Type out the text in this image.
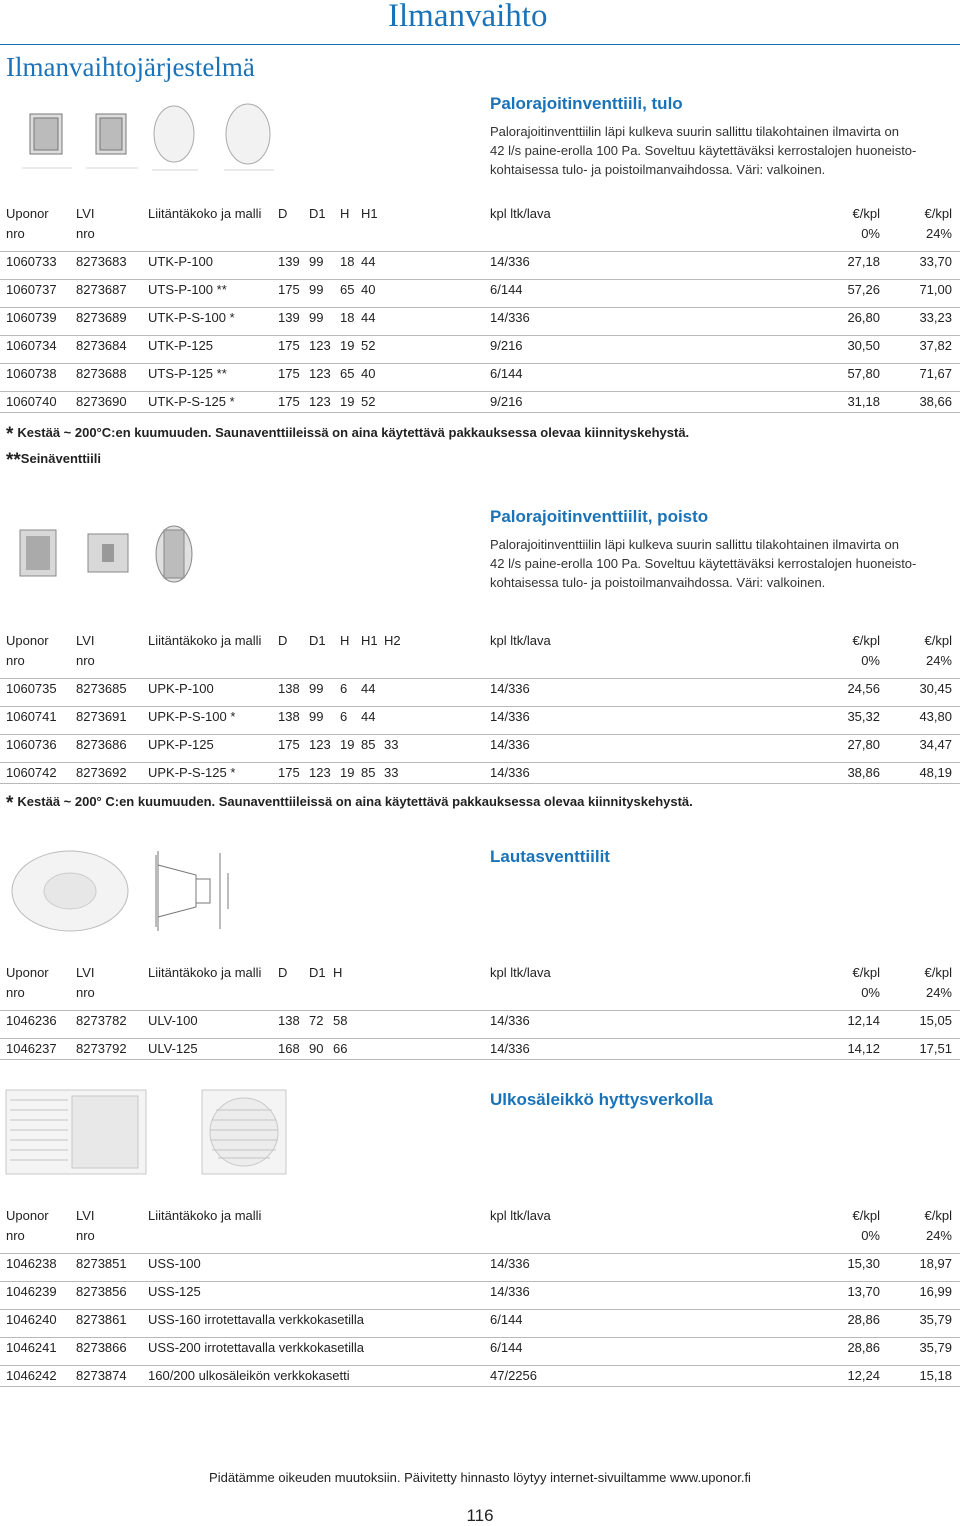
Ilmanvaihto
Ilmanvaihtojärjestelmä
Palorajoitinventtiili, tulo
Palorajoitinventtiilin läpi kulkeva suurin sallittu tilakohtainen ilmavirta on
42 l/s paine-erolla 100 Pa. Soveltuu käytettäväksi kerrostalojen huoneisto-
kohtaisessa tulo- ja poistoilmanvaihdossa. Väri: valkoinen.
Uponor LVI	Liitäntäkoko ja malli D D1 H H1	kpl ltk/lava	€/kpl	€/kpl
nro	nro	0%	24%
1060733 8273683 UTK-P-100	139 99 18 44	14/336	27,18	33,70
1060737 8273687 UTS-P-100 **	175 99 65 40	6/144	57,26	71,00
1060739 8273689 UTK-P-S-100 *	139 99 18 44	14/336	26,80	33,23
1060734 8273684 UTK-P-125	175 123 19 52	9/216	30,50	37,82
1060738 8273688 UTS-P-125 **	175 123 65 40	6/144	57,80	71,67
1060740 8273690 UTK-P-S-125 *	175 123 19 52	9/216	31,18	38,66
* Kestää ~ 200°C:en kuumuuden. Saunaventtiileissä on aina käytettävä pakkauksessa olevaa kiinnityskehystä.
**Seinäventtiili
Palorajoitinventtiilit, poisto
Palorajoitinventtiilin läpi kulkeva suurin sallittu tilakohtainen ilmavirta on
42 l/s paine-erolla 100 Pa. Soveltuu käytettäväksi kerrostalojen huoneisto-
kohtaisessa tulo- ja poistoilmanvaihdossa. Väri: valkoinen.
Uponor LVI	Liitäntäkoko ja malli D D1 H H1 H2	kpl ltk/lava	€/kpl	€/kpl
nro	nro	0%	24%
1060735 8273685 UPK-P-100	138 99 6 44	14/336	24,56	30,45
1060741 8273691 UPK-P-S-100 *	138 99 6 44	14/336	35,32	43,80
1060736 8273686 UPK-P-125	175 123 19 85 33	14/336	27,80	34,47
1060742 8273692 UPK-P-S-125 *	175 123 19 85 33	14/336	38,86	48,19
* Kestää ~ 200° C:en kuumuuden. Saunaventtiileissä on aina käytettävä pakkauksessa olevaa kiinnityskehystä.
Lautasventtiilit
Uponor LVI	Liitäntäkoko ja malli D D1 H	kpl ltk/lava	€/kpl	€/kpl
nro	nro	0%	24%
1046236 8273782 ULV-100	138 72 58	14/336	12,14	15,05
1046237 8273792 ULV-125	168 90 66	14/336	14,12	17,51
Ulkosäleikkö hyttysverkolla
Uponor LVI	Liitäntäkoko ja malli	kpl ltk/lava	€/kpl	€/kpl
nro	nro	0%	24%
1046238 8273851 USS-100	14/336	15,30	18,97
1046239 8273856 USS-125	14/336	13,70	16,99
1046240 8273861 USS-160 irrotettavalla verkkokasetilla	6/144	28,86	35,79
1046241 8273866 USS-200 irrotettavalla verkkokasetilla	6/144	28,86	35,79
1046242 8273874 160/200 ulkosäleikön verkkokasetti	47/2256	12,24	15,18
Pidätämme oikeuden muutoksiin. Päivitetty hinnasto löytyy internet-sivuiltamme www.uponor.fi
116
